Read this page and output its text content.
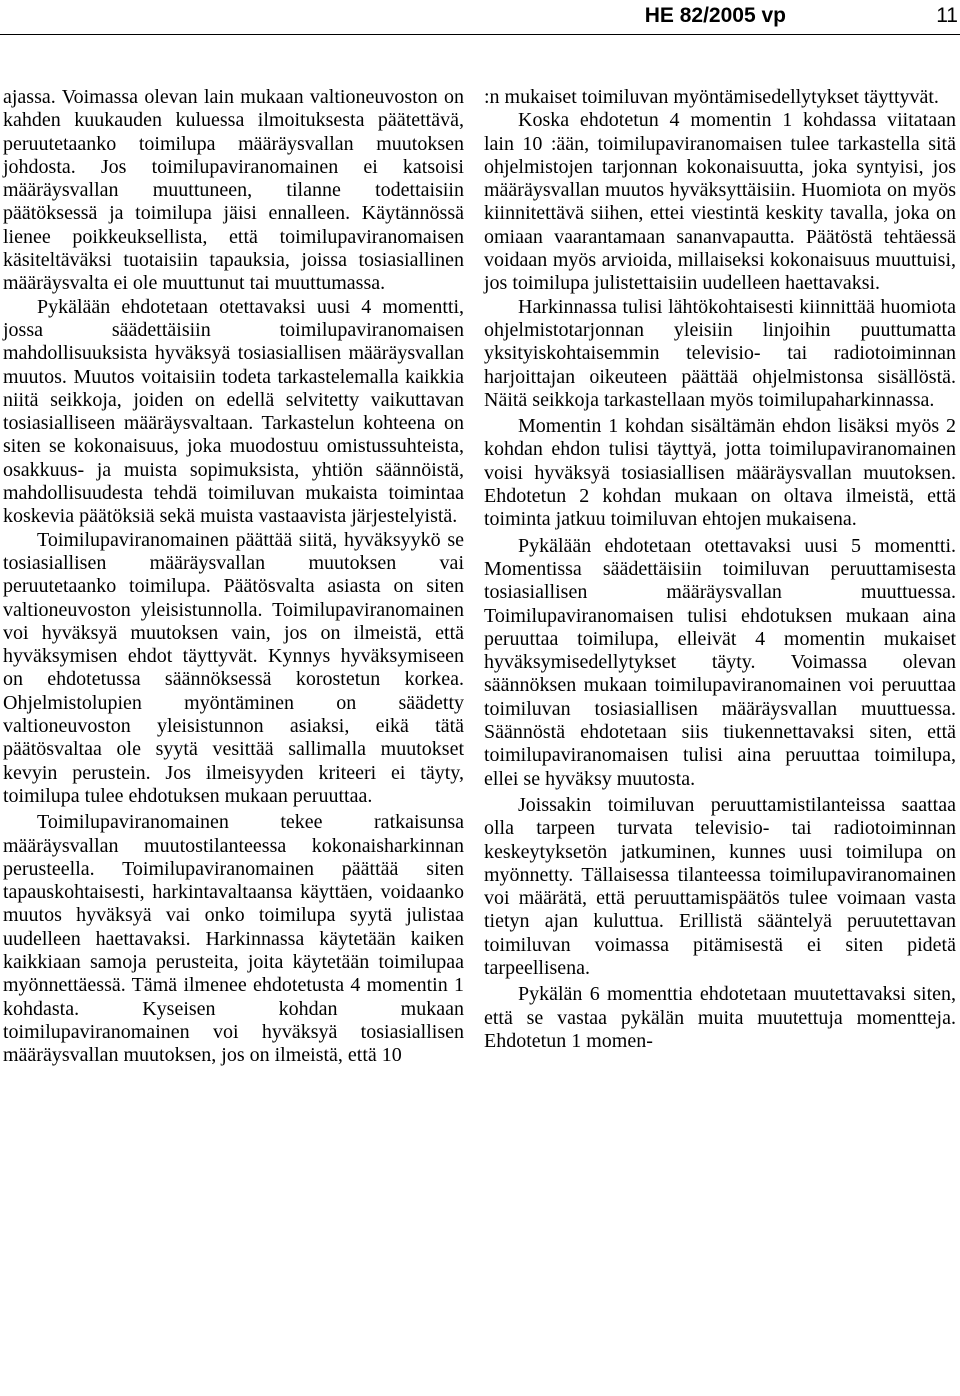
HE 82/2005 vp	11

ajassa. Voimassa olevan lain mukaan valtioneuvoston on kahden kuukauden kuluessa ilmoituksesta päätettävä, peruutetaanko toimilupa määräysvallan muutoksen johdosta. Jos toimilupaviranomainen ei katsoisi määräysvallan muuttuneen, tilanne todettaisiin päätöksessä ja toimilupa jäisi ennalleen. Käytännössä lienee poikkeuksellista, että toimilupaviranomaisen käsiteltäväksi tuotaisiin tapauksia, joissa tosiasiallinen määräysvalta ei ole muuttunut tai muuttumassa.

Pykälään ehdotetaan otettavaksi uusi 4 momentti, jossa säädettäisiin toimilupaviranomaisen mahdollisuuksista hyväksyä tosiasiallisen määräysvallan muutos. Muutos voitaisiin todeta tarkastelemalla kaikkia niitä seikkoja, joiden on edellä selvitetty vaikuttavan tosiasialliseen määräysvaltaan. Tarkastelun kohteena on siten se kokonaisuus, joka muodostuu omistussuhteista, osakkuus- ja muista sopimuksista, yhtiön säännöistä, mahdollisuudesta tehdä toimiluvan mukaista toimintaa koskevia päätöksiä sekä muista vastaavista järjestelyistä.

Toimilupaviranomainen päättää siitä, hyväksyykö se tosiasiallisen määräysvallan muutoksen vai peruutetaanko toimilupa. Päätösvalta asiasta on siten valtioneuvoston yleisistunnolla. Toimilupaviranomainen voi hyväksyä muutoksen vain, jos on ilmeistä, että hyväksymisen ehdot täyttyvät. Kynnys hyväksymiseen on ehdotetussa säännöksessä korostetun korkea. Ohjelmistolupien myöntäminen on säädetty valtioneuvoston yleisistunnon asiaksi, eikä tätä päätösvaltaa ole syytä vesittää sallimalla muutokset kevyin perustein. Jos ilmeisyyden kriteeri ei täyty, toimilupa tulee ehdotuksen mukaan peruuttaa.

Toimilupaviranomainen tekee ratkaisunsa määräysvallan muutostilanteessa kokonaisharkinnan perusteella. Toimilupaviranomainen päättää siten tapauskohtaisesti, harkintavaltaansa käyttäen, voidaanko muutos hyväksyä vai onko toimilupa syytä julistaa uudelleen haettavaksi. Harkinnassa käytetään kaiken kaikkiaan samoja perusteita, joita käytetään toimilupaa myönnettäessä. Tämä ilmenee ehdotetusta 4 momentin 1 kohdasta. Kyseisen kohdan mukaan toimilupaviranomainen voi hyväksyä tosiasiallisen määräysvallan muutoksen, jos on ilmeistä, että 10

:n mukaiset toimiluvan myöntämisedellytykset täyttyvät.

Koska ehdotetun 4 momentin 1 kohdassa viitataan lain 10 :ään, toimilupaviranomaisen tulee tarkastella sitä ohjelmistojen tarjonnan kokonaisuutta, joka syntyisi, jos määräysvallan muutos hyväksyttäisiin. Huomiota on myös kiinnitettävä siihen, ettei viestintä keskity tavalla, joka on omiaan vaarantamaan sananvapautta. Päätöstä tehtäessä voidaan myös arvioida, millaiseksi kokonaisuus muuttuisi, jos toimilupa julistettaisiin uudelleen haettavaksi.

Harkinnassa tulisi lähtökohtaisesti kiinnittää huomiota ohjelmistotarjonnan yleisiin linjoihin puuttumatta yksityiskohtaisemmin televisio- tai radiotoiminnan harjoittajan oikeuteen päättää ohjelmistonsa sisällöstä. Näitä seikkoja tarkastellaan myös toimilupaharkinnassa.

Momentin 1 kohdan sisältämän ehdon lisäksi myös 2 kohdan ehdon tulisi täyttyä, jotta toimilupaviranomainen voisi hyväksyä tosiasiallisen määräysvallan muutoksen. Ehdotetun 2 kohdan mukaan on oltava ilmeistä, että toiminta jatkuu toimiluvan ehtojen mukaisena.

Pykälään ehdotetaan otettavaksi uusi 5 momentti. Momentissa säädettäisiin toimiluvan peruuttamisesta tosiasiallisen määräysvallan muuttuessa. Toimilupaviranomaisen tulisi ehdotuksen mukaan aina peruuttaa toimilupa, elleivät 4 momentin mukaiset hyväksymisedellytykset täyty. Voimassa olevan säännöksen mukaan toimilupaviranomainen voi peruuttaa toimiluvan tosiasiallisen määräysvallan muuttuessa. Säännöstä ehdotetaan siis tiukennettavaksi siten, että toimilupaviranomaisen tulisi aina peruuttaa toimilupa, ellei se hyväksy muutosta.

Joissakin toimiluvan peruuttamistilanteissa saattaa olla tarpeen turvata televisio- tai radiotoiminnan keskeytyksetön jatkuminen, kunnes uusi toimilupa on myönnetty. Tällaisessa tilanteessa toimilupaviranomainen voi määrätä, että peruuttamispäätös tulee voimaan vasta tietyn ajan kuluttua. Erillistä sääntelyä peruutettavan toimiluvan voimassa pitämisestä ei siten pidetä tarpeellisena.

Pykälän 6 momenttia ehdotetaan muutettavaksi siten, että se vastaa pykälän muita muutettuja momentteja. Ehdotetun 1 momen-
